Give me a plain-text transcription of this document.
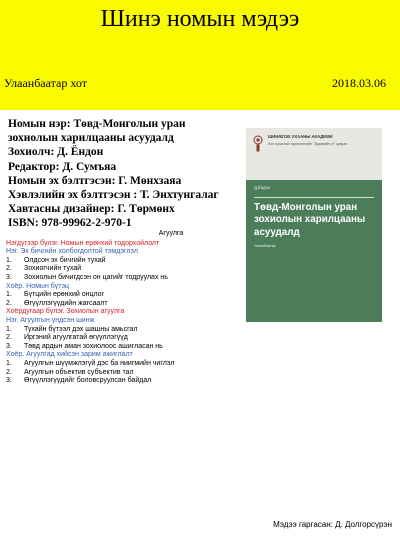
Шинэ номын мэдээ
Улаанбаатар хот	2018.03.06
Номын нэр: Төвд-Монголын уран зохиолын харилцааны асуудалд
Зохиолч: Д. Ёндон
Редактор: Д. Сумъяа
Номын эх бэлтгэсэн: Г. Мөнхзаяа
Хэвлэлийн эх бэлтгэсэн : Т. Энхтунгалаг
Хавтасны дизайнер: Г. Төрмөнх
ISBN: 978-99962-2-970-1
ШИНЖЛЭХ УХААНЫ АКАДЕМИ
Хэл зохиолын хүрээлэнгийн "Эрдэмийн үг" цуврал
Д.Ёндон
Төвд-Монголын уран зохиолын харилцааны асуудалд
Улаанбаатар
Агуулга
Нэгдүгээр бүлэг. Номын ерөнхий тодорхойлолт
Нэг. Эх бичгийн холбогдолтой тэмдэглэл
1. Олдсон эх бичгийн тухай
2. Зохиогчийн тухай
3. Зохиолын бичигдсэн он цагийг тодруулах нь
Хоёр. Номын бүтэц
1. Бүтцийн ерөнхий онцлог
2. Өгүүллэгүүдийн жагсаалт
Хоёрдугаар бүлэг. Зохиолын агуулга
Нэг. Агуулгын үндсэн шинж
1. Тухайн бүтээл дэх шашны амьсгал
2. Иргэний агуулгатай өгүүллэгүүд
3. Төвд ардын аман зохиолоос ашигласан нь
Хоёр. Агуулгад хийсэн зарим ажиглалт
1. Агуулгын шүүмжлэгүй дэс ба ниигмийн чиглэл
2. Агуулгын объектив субъектив тал
3. Өгүүллэгүүдийг боловсруулсан байдал
Мэдээ гаргасан: Д. Долгорсүрэн
